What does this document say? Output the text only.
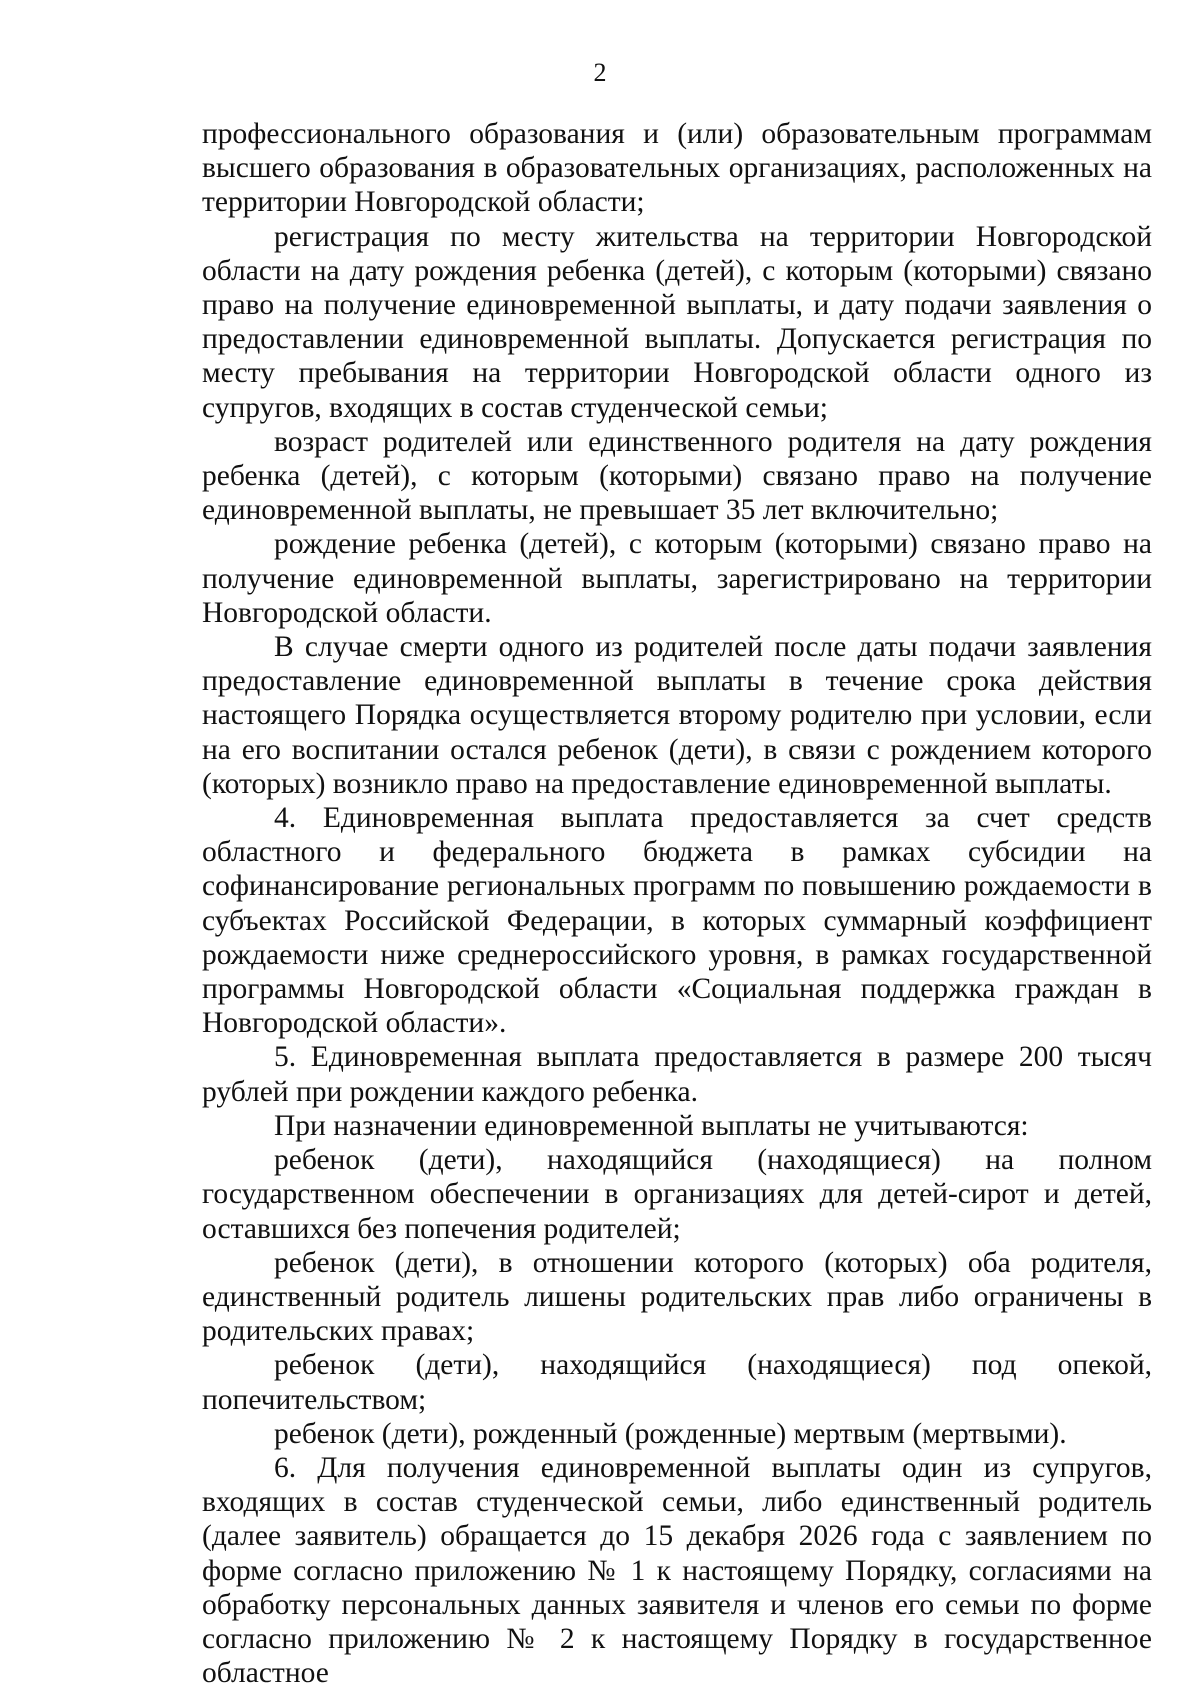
2

профессионального образования и (или) образовательным программам высшего образования в образовательных организациях, расположенных на территории Новгородской области;

регистрация по месту жительства на территории Новгородской области на дату рождения ребенка (детей), с которым (которыми) связано право на получение единовременной выплаты, и дату подачи заявления о предоставлении единовременной выплаты. Допускается регистрация по месту пребывания на территории Новгородской области одного из супругов, входящих в состав студенческой семьи;

возраст родителей или единственного родителя на дату рождения ребенка (детей), с которым (которыми) связано право на получение единовременной выплаты, не превышает 35 лет включительно;

рождение ребенка (детей), с которым (которыми) связано право на получение единовременной выплаты, зарегистрировано на территории Новгородской области.

В случае смерти одного из родителей после даты подачи заявления предоставление единовременной выплаты в течение срока действия настоящего Порядка осуществляется второму родителю при условии, если на его воспитании остался ребенок (дети), в связи с рождением которого (которых) возникло право на предоставление единовременной выплаты.

4. Единовременная выплата предоставляется за счет средств областного и федерального бюджета в рамках субсидии на софинансирование региональных программ по повышению рождаемости в субъектах Российской Федерации, в которых суммарный коэффициент рождаемости ниже среднероссийского уровня, в рамках государственной программы Новгородской области «Социальная поддержка граждан в Новгородской области».

5. Единовременная выплата предоставляется в размере 200 тысяч рублей при рождении каждого ребенка.

При назначении единовременной выплаты не учитываются:

ребенок (дети), находящийся (находящиеся) на полном государственном обеспечении в организациях для детей-сирот и детей, оставшихся без попечения родителей;

ребенок (дети), в отношении которого (которых) оба родителя, единственный родитель лишены родительских прав либо ограничены в родительских правах;

ребенок (дети), находящийся (находящиеся) под опекой, попечительством;

ребенок (дети), рожденный (рожденные) мертвым (мертвыми).

6. Для получения единовременной выплаты один из супругов, входящих в состав студенческой семьи, либо единственный родитель (далее заявитель) обращается до 15 декабря 2026 года с заявлением по форме согласно приложению № 1 к настоящему Порядку, согласиями на обработку персональных данных заявителя и членов его семьи по форме согласно приложению № 2 к настоящему Порядку в государственное областное
